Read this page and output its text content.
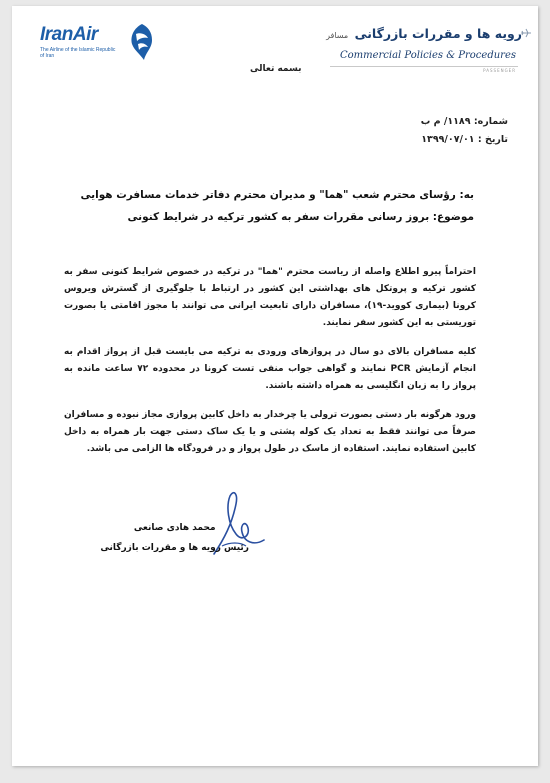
IranAir
The Airline of the Islamic Republic of Iran
رویه ها و مقررات بازرگانی مسافر
Commercial Policies & Procedures
PASSENGER
بسمه تعالی
شماره: ۱۱۸۹/ م ب
تاریخ : ۱۳۹۹/۰۷/۰۱
به: رؤسای محترم شعب "هما" و مدیران محترم دفاتر خدمات مسافرت هوایی
موضوع: بروز رسانی مقررات سفر به کشور ترکیه در شرایط کنونی

احتراماً پیرو اطلاع واصله از ریاست محترم "هما" در ترکیه در خصوص شرایط کنونی سفر به کشور ترکیه و پروتکل های بهداشتی این کشور در ارتباط با جلوگیری از گسترش ویروس کرونا (بیماری کووید-۱۹)، مسافران دارای تابعیت ایرانی می توانند با مجوز اقامتی یا بصورت توریستی به این کشور سفر نمایند.

کلیه مسافران بالای دو سال در پروازهای ورودی به ترکیه می بایست قبل از پرواز اقدام به انجام آزمایش PCR نمایند و گواهی جواب منفی تست کرونا در محدوده ۷۲ ساعت مانده به پرواز را به زبان انگلیسی به همراه داشته باشند.

ورود هرگونه بار دستی بصورت ترولی یا چرخدار به داخل کابین پروازی مجاز نبوده و مسافران صرفاً می توانند فقط به تعداد یک کوله پشتی و یا یک ساک دستی جهت بار همراه به داخل کابین استفاده نمایند. استفاده از ماسک در طول پرواز و در فرودگاه ها الزامی می باشد.

محمد هادی صانعی
رئیس رویه ها و مقررات بازرگانی
